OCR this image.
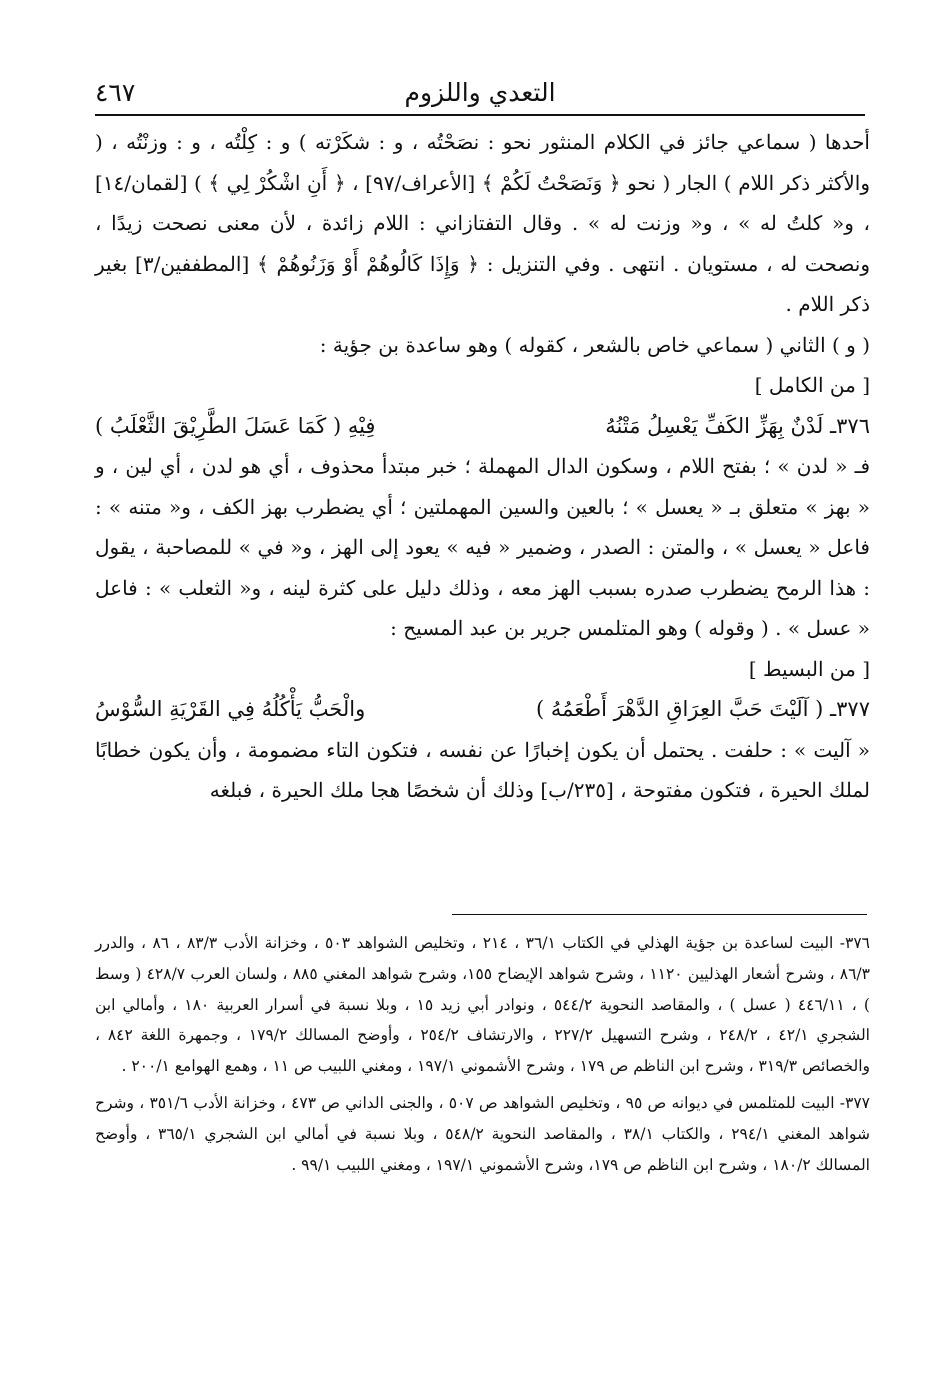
التعدي واللزوم
٤٦٧

أحدها ( سماعي جائز في الكلام المنثور نحو : نصَحْتُه ، و : شكَرْته ) و : كِلْتُه ، و : وزنْتُه ، ( والأكثر ذكر اللام ) الجار ( نحو ﴿ وَنَصَحْتُ لَكُمْ ﴾ [الأعراف/٩٧] ، ﴿ أَنِ اشْكُرْ لِي ﴾ ) [لقمان/١٤] ، و« كلتُ له » ، و« وزنت له » . وقال التفتازاني : اللام زائدة ، لأن معنى نصحت زيدًا ، ونصحت له ، مستويان . انتهى . وفي التنزيل : ﴿ وَإِذَا كَالُوهُمْ أَوْ وَزَنُوهُمْ ﴾ [المطففين/٣] بغير ذكر اللام .

( و ) الثاني ( سماعي خاص بالشعر ، كقوله ) وهو ساعدة بن جؤية :

[ من الكامل ]

٣٧٦ـ لَدْنٌ بِهَزِّ الكَفِّ يَعْسِلُ مَتْنُهُ
فِيْهِ ( كَمَا عَسَلَ الطَّرِيْقَ الثَّعْلَبُ )

فـ « لدن » ؛ بفتح اللام ، وسكون الدال المهملة ؛ خبر مبتدأ محذوف ، أي هو لدن ، أي لين ، و « بهز » متعلق بـ « يعسل » ؛ بالعين والسين المهملتين ؛ أي يضطرب بهز الكف ، و« متنه » : فاعل « يعسل » ، والمتن : الصدر ، وضمير « فيه » يعود إلى الهز ، و« في » للمصاحبة ، يقول : هذا الرمح يضطرب صدره بسبب الهز معه ، وذلك دليل على كثرة لينه ، و« الثعلب » : فاعل « عسل » . ( وقوله ) وهو المتلمس جرير بن عبد المسيح :

[ من البسيط ]

٣٧٧ـ ( آلَيْتَ حَبَّ العِرَاقِ الدَّهْرَ أَطْعَمُهُ )
والْحَبُّ يَأْكُلُهُ فِي القَرْيَةِ السُّوْسُ

« آليت » : حلفت . يحتمل أن يكون إخبارًا عن نفسه ، فتكون التاء مضمومة ، وأن يكون خطابًا لملك الحيرة ، فتكون مفتوحة ، [٢٣٥/ب] وذلك أن شخصًا هجا ملك الحيرة ، فبلغه

٣٧٦- البيت لساعدة بن جؤية الهذلي في الكتاب ٣٦/١ ، ٢١٤ ، وتخليص الشواهد ٥٠٣ ، وخزانة الأدب ٨٣/٣ ، ٨٦ ، والدرر ٨٦/٣ ، وشرح أشعار الهذليين ١١٢٠ ، وشرح شواهد الإيضاح ١٥٥، وشرح شواهد المغني ٨٨٥ ، ولسان العرب ٤٢٨/٧ ( وسط ) ، ٤٤٦/١١ ( عسل ) ، والمقاصد النحوية ٥٤٤/٢ ، ونوادر أبي زيد ١٥ ، وبلا نسبة في أسرار العربية ١٨٠ ، وأمالي ابن الشجري ٤٢/١ ، ٢٤٨/٢ ، وشرح التسهيل ٢٢٧/٢ ، والارتشاف ٢٥٤/٢ ، وأوضح المسالك ١٧٩/٢ ، وجمهرة اللغة ٨٤٢ ، والخصائص ٣١٩/٣ ، وشرح ابن الناظم ص ١٧٩ ، وشرح الأشموني ١٩٧/١ ، ومغني اللبيب ص ١١ ، وهمع الهوامع ٢٠٠/١ .

٣٧٧- البيت للمتلمس في ديوانه ص ٩٥ ، وتخليص الشواهد ص ٥٠٧ ، والجنى الداني ص ٤٧٣ ، وخزانة الأدب ٣٥١/٦ ، وشرح شواهد المغني ٢٩٤/١ ، والكتاب ٣٨/١ ، والمقاصد النحوية ٥٤٨/٢ ، وبلا نسبة في أمالي ابن الشجري ٣٦٥/١ ، وأوضح المسالك ١٨٠/٢ ، وشرح ابن الناظم ص ١٧٩، وشرح الأشموني ١٩٧/١ ، ومغني اللبيب ٩٩/١ .
